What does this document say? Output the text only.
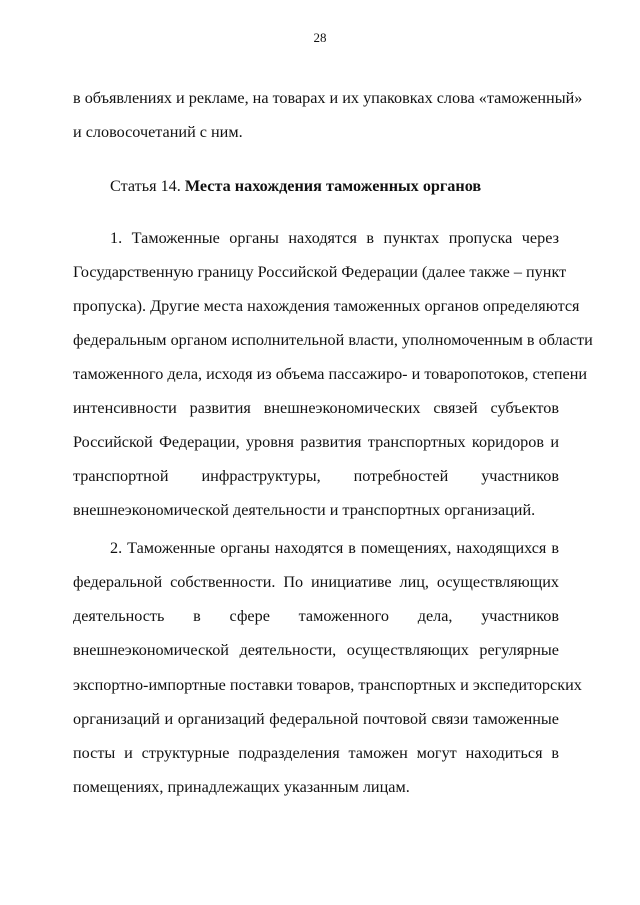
28
в объявлениях и рекламе, на товарах и их упаковках слова «таможенный»
и словосочетаний с ним.
Статья 14. Места нахождения таможенных органов
1. Таможенные органы находятся в пунктах пропуска через
Государственную границу Российской Федерации (далее также – пункт
пропуска). Другие места нахождения таможенных органов определяются
федеральным органом исполнительной власти, уполномоченным в области
таможенного дела, исходя из объема пассажиро- и товаропотоков, степени
интенсивности развития внешнеэкономических связей субъектов
Российской Федерации, уровня развития транспортных коридоров и
транспортной инфраструктуры, потребностей участников
внешнеэкономической деятельности и транспортных организаций.
2. Таможенные органы находятся в помещениях, находящихся в
федеральной собственности. По инициативе лиц, осуществляющих
деятельность в сфере таможенного дела, участников
внешнеэкономической деятельности, осуществляющих регулярные
экспортно-импортные поставки товаров, транспортных и экспедиторских
организаций и организаций федеральной почтовой связи таможенные
посты и структурные подразделения таможен могут находиться в
помещениях, принадлежащих указанным лицам.
